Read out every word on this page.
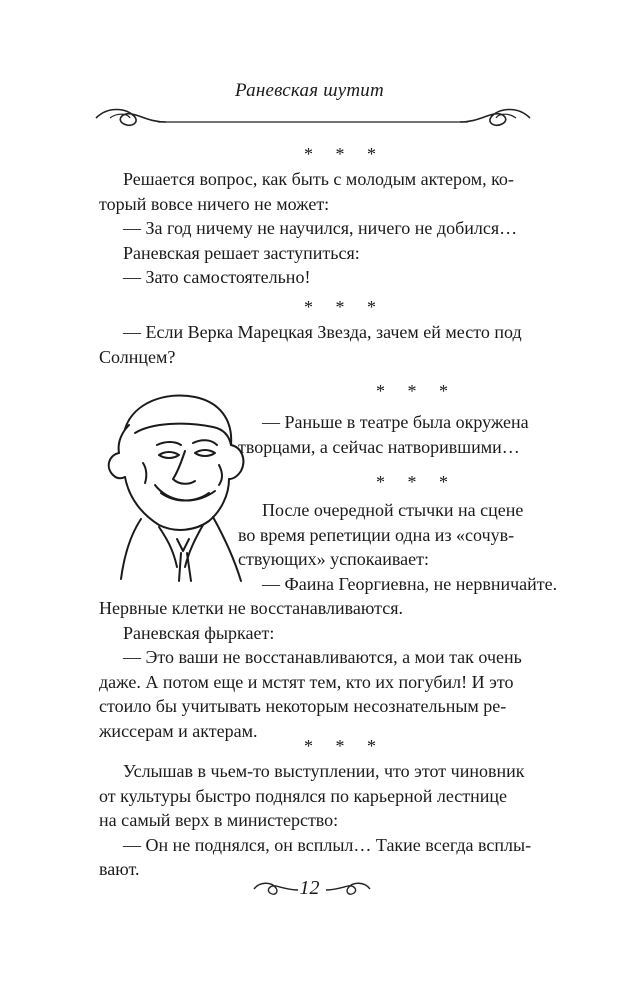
Раневская шутит
* * *

Решается вопрос, как быть с молодым актером, ко-

торый вовсе ничего не может:

— За год ничему не научился, ничего не добился…

Раневская решает заступиться:

— Зато самостоятельно!

* * *

— Если Верка Марецкая Звезда, зачем ей место под

Солнцем?

* * *

— Раньше в театре была окружена

творцами, а сейчас натворившими…

* * *

После очередной стычки на сцене

во время репетиции одна из «сочув-

ствующих» успокаивает:

— Фаина Георгиевна, не нервничайте.

Нервные клетки не восстанавливаются.

Раневская фыркает:

— Это ваши не восстанавливаются, а мои так очень

даже. А потом еще и мстят тем, кто их погубил! И это

стоило бы учитывать некоторым несознательным ре-

жиссерам и актерам.

* * *

Услышав в чьем-то выступлении, что этот чиновник

от культуры быстро поднялся по карьерной лестнице

на самый верх в министерство:

— Он не поднялся, он всплыл… Такие всегда всплы-

вают.

12
